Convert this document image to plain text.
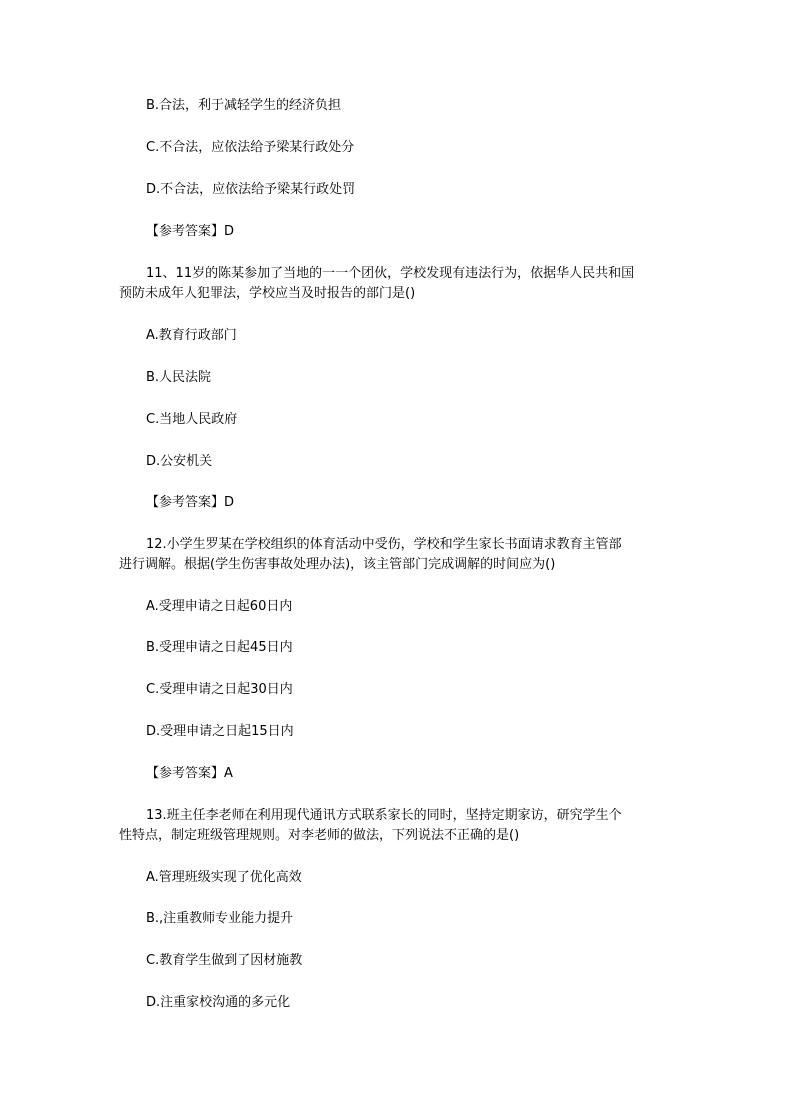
B.合法，利于减轻学生的经济负担

C.不合法，应依法给予梁某行政处分

D.不合法，应依法给予梁某行政处罚

【参考答案】D

11、11岁的陈某参加了当地的一一个团伙，学校发现有违法行为，依据华人民共和国

预防未成年人犯罪法，学校应当及时报告的部门是()

A.教育行政部门

B.人民法院

C.当地人民政府

D.公安机关

【参考答案】D

12.小学生罗某在学校组织的体育活动中受伤，学校和学生家长书面请求教育主管部

进行调解。根据(学生伤害事故处理办法)，该主管部门完成调解的时间应为()

A.受理申请之日起60日内

B.受理申请之日起45日内

C.受理申请之日起30日内

D.受理申请之日起15日内

【参考答案】A

13.班主任李老师在利用现代通讯方式联系家长的同时，坚持定期家访，研究学生个

性特点，制定班级管理规则。对李老师的做法，下列说法不正确的是()

A.管理班级实现了优化高效

B.,注重教师专业能力提升

C.教育学生做到了因材施教

D.注重家校沟通的多元化
